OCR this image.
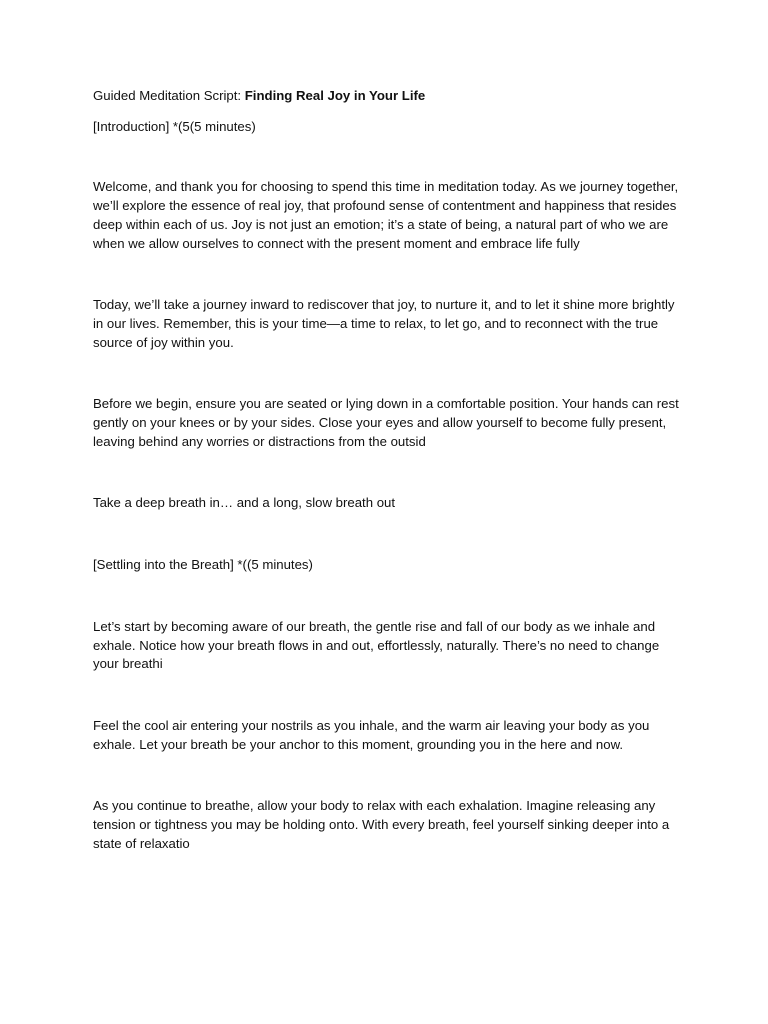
Guided Meditation Script: Finding Real Joy in Your Life

[Introduction] *(5(5 minutes)

Welcome, and thank you for choosing to spend this time in meditation today. As we journey together, we’ll explore the essence of real joy, that profound sense of contentment and happiness that resides deep within each of us. Joy is not just an emotion; it’s a state of being, a natural part of who we are when we allow ourselves to connect with the present moment and embrace life fully

Today, we’ll take a journey inward to rediscover that joy, to nurture it, and to let it shine more brightly in our lives. Remember, this is your time—a time to relax, to let go, and to reconnect with the true source of joy within you.

Before we begin, ensure you are seated or lying down in a comfortable position. Your hands can rest gently on your knees or by your sides. Close your eyes and allow yourself to become fully present, leaving behind any worries or distractions from the outsid

Take a deep breath in… and a long, slow breath out

[Settling into the Breath] *((5 minutes)

Let’s start by becoming aware of our breath, the gentle rise and fall of our body as we inhale and exhale. Notice how your breath flows in and out, effortlessly, naturally. There’s no need to change your breathi

Feel the cool air entering your nostrils as you inhale, and the warm air leaving your body as you exhale. Let your breath be your anchor to this moment, grounding you in the here and now.

As you continue to breathe, allow your body to relax with each exhalation. Imagine releasing any tension or tightness you may be holding onto. With every breath, feel yourself sinking deeper into a state of relaxatio
